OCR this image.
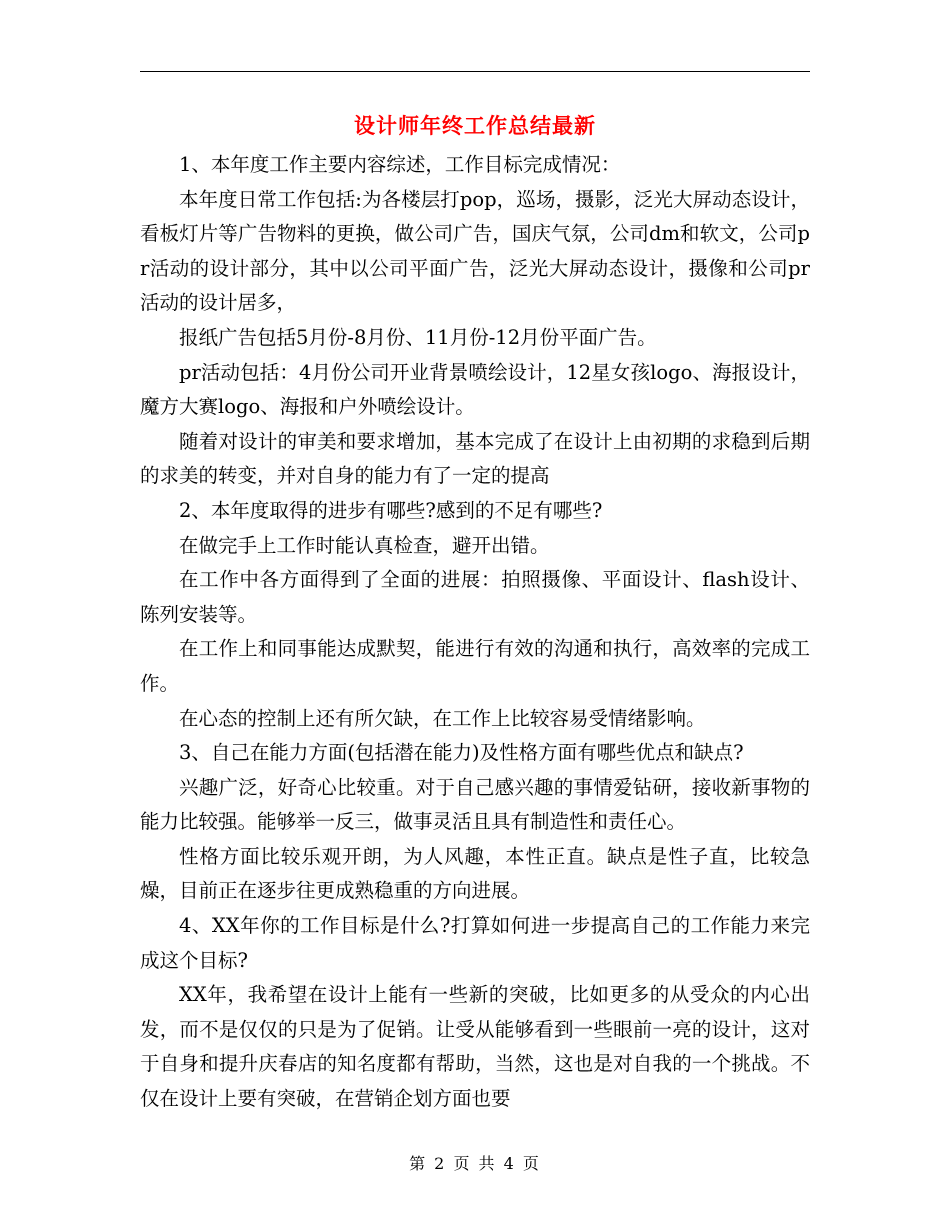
设计师年终工作总结最新

1、本年度工作主要内容综述，工作目标完成情况：

本年度日常工作包括:为各楼层打pop，巡场，摄影，泛光大屏动态设计，看板灯片等广告物料的更换，做公司广告，国庆气氛，公司dm和软文，公司pr活动的设计部分，其中以公司平面广告，泛光大屏动态设计，摄像和公司pr活动的设计居多，

报纸广告包括5月份-8月份、11月份-12月份平面广告。

pr活动包括：4月份公司开业背景喷绘设计，12星女孩logo、海报设计，魔方大赛logo、海报和户外喷绘设计。

随着对设计的审美和要求增加，基本完成了在设计上由初期的求稳到后期的求美的转变，并对自身的能力有了一定的提高

2、本年度取得的进步有哪些?感到的不足有哪些?

在做完手上工作时能认真检查，避开出错。

在工作中各方面得到了全面的进展：拍照摄像、平面设计、flash设计、陈列安装等。

在工作上和同事能达成默契，能进行有效的沟通和执行，高效率的完成工作。

在心态的控制上还有所欠缺，在工作上比较容易受情绪影响。

3、自己在能力方面(包括潜在能力)及性格方面有哪些优点和缺点?

兴趣广泛，好奇心比较重。对于自己感兴趣的事情爱钻研，接收新事物的能力比较强。能够举一反三，做事灵活且具有制造性和责任心。

性格方面比较乐观开朗，为人风趣，本性正直。缺点是性子直，比较急燥，目前正在逐步往更成熟稳重的方向进展。

4、XX年你的工作目标是什么?打算如何进一步提高自己的工作能力来完成这个目标?

XX年，我希望在设计上能有一些新的突破，比如更多的从受众的内心出发，而不是仅仅的只是为了促销。让受从能够看到一些眼前一亮的设计，这对于自身和提升庆春店的知名度都有帮助，当然，这也是对自我的一个挑战。不仅在设计上要有突破，在营销企划方面也要

第 2 页 共 4 页
